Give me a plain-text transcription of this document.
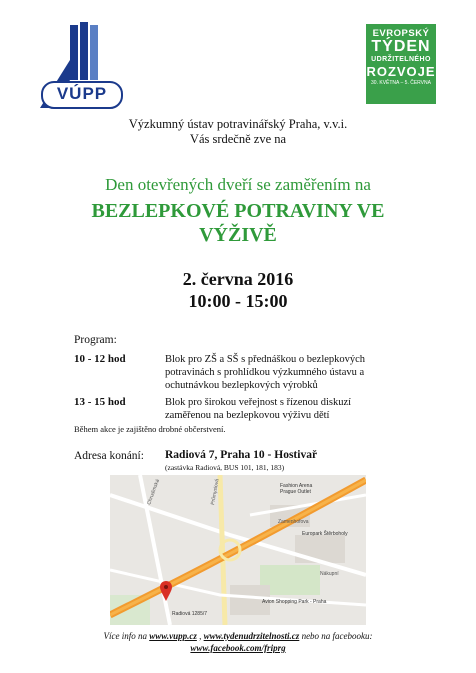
VÚPP
EVROPSKÝ
TÝDEN
UDRŽITELNÉHO
ROZVOJE
30. KVĚTNA – 5. ČERVNA
Výzkumný ústav potravinářský Praha, v.v.i.
Vás srdečně zve na
Den otevřených dveří se zaměřením na
BEZLEPKOVÉ POTRAVINY VE
VÝŽIVĚ
2. června 2016
10:00 - 15:00
Program:
10 - 12 hod	Blok pro ZŠ a SŠ s přednáškou o bezlepkových
potravinách s prohlídkou výzkumného ústavu a
ochutnávkou bezlepkových výrobků
13 - 15 hod	Blok pro širokou veřejnost s řízenou diskuzí
zaměřenou na bezlepkovou výživu dětí
Během akce je zajištěno drobné občerstvení.
Adresa konání: Radiová 7, Praha 10 - Hostivař
(zastávka Radiová, BUS 101, 181, 183)
Průmyslová	Fashion Arena
Prague Outlet
Zamenhofova
Europark Štěrboholy
Nákupní
Avion Shopping Park - Praha
Radiová 1285/7
Chrudimská
Více info na www.vupp.cz , www.tydenudrzitelnosti.cz nebo na facebooku:
www.facebook.com/friprg
